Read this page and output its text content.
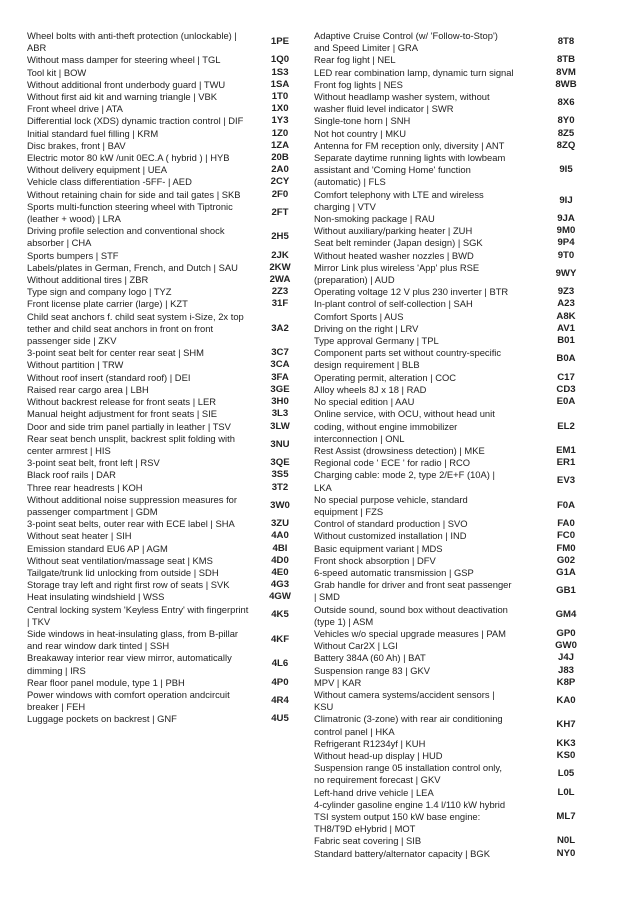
Wheel bolts with anti-theft protection (unlockable) | ABR
1PE
Without mass damper for steering wheel | TGL	1Q0
Tool kit | BOW	1S3
Without additional front underbody guard | TWU	1SA
Without first aid kit and warning triangle | VBK	1T0
Front wheel drive | ATA	1X0
Differential lock (XDS) dynamic traction control | DIF	1Y3
Initial standard fuel filling | KRM	1Z0
Disc brakes, front | BAV	1ZA
Electric motor 80 kW /unit 0EC.A ( hybrid ) | HYB	20B
Without delivery equipment | UEA	2A0
Vehicle class differentiation -5FF- | AED	2CY
Without retaining chain for side and tail gates | SKB	2F0
Sports multi-function steering wheel with Tiptronic (leather + wood) | LRA
2FT
Driving profile selection and conventional shock absorber | CHA
2H5
Sports bumpers | STF	2JK
Labels/plates in German, French, and Dutch | SAU	2KW
Without additional tires | ZBR	2WA
Type sign and company logo | TYZ	2Z3
Front license plate carrier (large) | KZT	31F
Child seat anchors f. child seat system i-Size, 2x top tether and child seat anchors in front on front passenger side | ZKV
3A2
3-point seat belt for center rear seat | SHM	3C7
Without partition | TRW	3CA
Without roof insert (standard roof) | DEI	3FA
Raised rear cargo area | LBH	3GE
Without backrest release for front seats | LER	3H0
Manual height adjustment for front seats | SIE	3L3
Door and side trim panel partially in leather | TSV	3LW
Rear seat bench unsplit, backrest split folding with center armrest | HIS
3NU
3-point seat belt, front left | RSV	3QE
Black roof rails | DAR	3S5
Three rear headrests | KOH	3T2
Without additional noise suppression measures for passenger compartment | GDM
3W0
3-point seat belts, outer rear with ECE label | SHA	3ZU
Without seat heater | SIH	4A0
Emission standard EU6 AP | AGM	4BI
Without seat ventilation/massage seat | KMS	4D0
Tailgate/trunk lid unlocking from outside | SDH	4E0
Storage tray left and right first row of seats | SVK	4G3
Heat insulating windshield | WSS	4GW
Central locking system 'Keyless Entry' with fingerprint | TKV
4K5
Side windows in heat-insulating glass, from B-pillar and rear window dark tinted | SSH
4KF
Breakaway interior rear view mirror, automatically dimming | IRS
4L6
Rear floor panel module, type 1 | PBH	4P0
Power windows with comfort operation andcircuit breaker | FEH
4R4
Luggage pockets on backrest | GNF	4U5
Adaptive Cruise Control (w/ 'Follow-to-Stop') and Speed Limiter | GRA
8T8
Rear fog light | NEL	8TB
LED rear combination lamp, dynamic turn signal	8VM
Front fog lights | NES	8WB
Without headlamp washer system, without washer fluid level indicator | SWR
8X6
Single-tone horn | SNH	8Y0
Not hot country | MKU	8Z5
Antenna for FM reception only, diversity | ANT	8ZQ
Separate daytime running lights with lowbeam assistant and 'Coming Home' function (automatic) | FLS
9I5
Comfort telephony with LTE and wireless charging | VTV
9IJ
Non-smoking package | RAU	9JA
Without auxiliary/parking heater | ZUH	9M0
Seat belt reminder (Japan design) | SGK	9P4
Without heated washer nozzles | BWD	9T0
Mirror Link plus wireless 'App' plus RSE (preparation) | AUD
9WY
Operating voltage 12 V plus 230 inverter | BTR	9Z3
In-plant control of self-collection | SAH	A23
Comfort Sports | AUS	A8K
Driving on the right | LRV	AV1
Type approval Germany | TPL	B01
Component parts set without country-specific design requirement | BLB
B0A
Operating permit, alteration | COC	C17
Alloy wheels 8J x 18 | RAD	CD3
No special edition | AAU	E0A
Online service, with OCU, without head unit coding, without engine immobilizer interconnection | ONL
EL2
Rest Assist (drowsiness detection) | MKE	EM1
Regional code ' ECE ' for radio | RCO	ER1
Charging cable: mode 2, type 2/E+F (10A) | LKA
EV3
No special purpose vehicle, standard equipment | FZS
F0A
Control of standard production | SVO	FA0
Without customized installation | IND	FC0
Basic equipment variant | MDS	FM0
Front shock absorption | DFV	G02
6-speed automatic transmission | GSP	G1A
Grab handle for driver and front seat passenger | SMD
GB1
Outside sound, sound box without deactivation (type 1) | ASM
GM4
Vehicles w/o special upgrade measures | PAM	GP0
Without Car2X | LGI	GW0
Battery 384A (60 Ah) | BAT	J4J
Suspension range 83 | GKV	J83
MPV | KAR	K8P
Without camera systems/accident sensors | KSU
KA0
Climatronic (3-zone) with rear air conditioning control panel | HKA
KH7
Refrigerant R1234yf | KUH	KK3
Without head-up display | HUD	KS0
Suspension range 05 installation control only, no requirement forecast | GKV
L05
Left-hand drive vehicle | LEA	L0L
4-cylinder gasoline engine 1.4 l/110 kW hybrid TSI system output 150 kW base engine: TH8/T9D eHybrid | MOT
ML7
Fabric seat covering | SIB	N0L
Standard battery/alternator capacity | BGK	NY0
